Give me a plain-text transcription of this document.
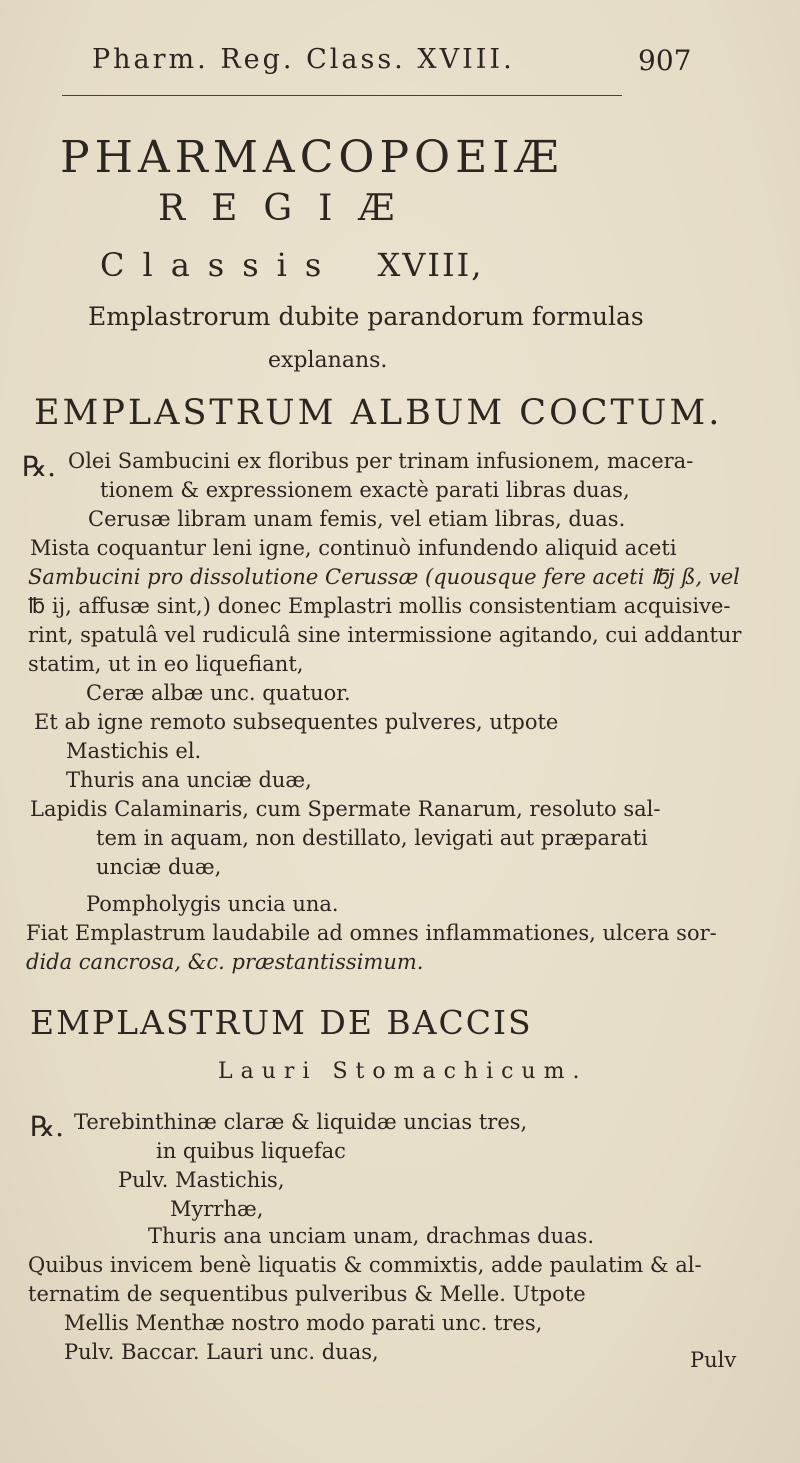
Pharm. Reg. Class. XVIII.	907
PHARMACOPOEIÆ
REGIÆ
Classis XVIII,
Emplastrorum dubite parandorum formulas
explanans.
EMPLASTRUM ALBUM COCTUM.
℞. Olei Sambucini ex floribus per trinam infusionem, macera-
tionem & expressionem exactè parati libras duas,
Cerusæ libram unam femis, vel etiam libras, duas.
Mista coquantur leni igne, continuò infundendo aliquid aceti
Sambucini pro dissolutione Cerussæ (quousque fere aceti ℔j ß, vel
℔ ij, affusæ sint,) donec Emplastri mollis consistentiam acquisive-
rint, spatulâ vel rudiculâ sine intermissione agitando, cui addantur
statim, ut in eo liquefiant,
Ceræ albæ unc. quatuor.
Et ab igne remoto subsequentes pulveres, utpote
Mastichis el.
Thuris ana unciæ duæ,
Lapidis Calaminaris, cum Spermate Ranarum, resoluto sal-
tem in aquam, non destillato, levigati aut præparati
unciæ duæ,
Pompholygis uncia una.
Fiat Emplastrum laudabile ad omnes inflammationes, ulcera sor-
dida cancrosa, &c. præstantissimum.
EMPLASTRUM DE BACCIS
Lauri Stomachicum.
℞. Terebinthinæ claræ & liquidæ uncias tres,
in quibus liquefac
Pulv. Mastichis,
Myrrhæ,
Thuris ana unciam unam, drachmas duas.
Quibus invicem benè liquatis & commixtis, adde paulatim & al-
ternatim de sequentibus pulveribus & Melle. Utpote
Mellis Menthæ nostro modo parati unc. tres,
Pulv. Baccar. Lauri unc. duas,	Pulv
